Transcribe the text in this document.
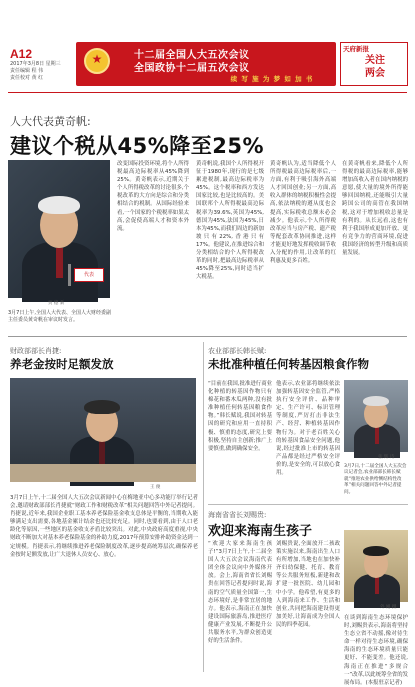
A12
2017年3月8日 星期三
责任编辑 程 伟
责任校对 黄 红
★	十二届全国人大五次会议
全国政协十二届五次会议
续 写 施 为 梦 如 加 书
天府新报
关注
两会
人大代表黄奇帆:
建议个税从45%降至25%
代表
贾 德 新
3月7日上午,全国人大代表、全国人大财经委副主任委员黄奇帆在审议时发言。
改变国际投资环境,将个人所得税最高边际税率从45%降到25%。黄奇帆表示,近期关于个人所得税改革的讨论很多,个税改革的大方向是综合和分类相结合的税制。从国际经验来看,一个国家的个税税率如果太高,会促使高端人才和资本外流。
黄奇帆说,我国个人所得税开征于1980年,现行的是七级累进税制,最高边际税率为45%。这个税率和西方发达国家比较,也是比较高的。美国联邦个人所得税最高边际税率为39.6%,英国为45%,德国为45%,法国为45%,日本为45%,而我们周边的新加坡只有22%,香港只有17%。他建议,在推进综合和分类相结合的个人所得税改革的同时,把最高边际税率从45%降至25%,同时适当扩大税基。
黄奇帆认为,适当降低个人所得税最高边际税率后,一方面,有利于吸引海外高端人才回国创业;另一方面,高收入群体的纳税积极性会提高,依法纳税的遵从度也会提高,实际税收总额未必会减少。他表示,个人所得税改革应当与房产税、遗产税等配套改革协同推进,这样才能更好地发挥税收调节收入分配的作用,让改革的红利惠及更多百姓。
在黄奇帆看来,降低个人所得税的最高边际税率,能够增加高收入者在国内纳税的意愿,使大量的境外所得能够回国纳税,还能吸引大量跨国公司的高管在我国纳税,这对于增加税收总量是有利的。从长远看,这也有利于我国形成更加开放、更有竞争力的营商环境,促进我国经济的转型升级和高质量发展。
财政部部长肖捷:
养老金按时足额发放
王 俊
3月7日上午,十二届全国人大五次会议新闻中心在梅地亚中心多功能厅举行记者会,邀请财政部部长肖捷就“财政工作和财税改革”相关问题回答中外记者提问。肖捷说,近年来,我国企业职工基本养老保险基金收支总体是平衡的,当期收入能够满足支出需要,各地基金累计结余也还比较充足。同时,也要看到,由于人口老龄化等原因,一些地区的基金收支矛盾比较突出。对此,中央政府高度重视,中央财政不断加大对基本养老保险基金的补助力度,2017年预算安排补助资金达到一定规模。肖捷表示,将继续推进养老保险制度改革,逐步提高统筹层次,确保养老金按时足额发放,让广大退休人员安心、放心。
农业部部长韩长赋:
未批准种植任何转基因粮食作物
“目前在我国,批准进行商业化种植的转基因作物只有棉花和番木瓜两种,没有批准种植任何转基因粮食作物。”韩长赋说,我国对转基因的研究和应用一直持积极、慎重的态度,研究上要积极,坚持自主创新;推广上要慎重,做到确保安全。
他表示,农业部将继续依法加强转基因安全监管,严格执行安全评价、品种审定、生产许可、标识管理等制度,严厉打击非法生产、经营、种植转基因作物行为。对于老百姓关心的转基因食品安全问题,他说,经过批准上市的转基因产品都是经过严格安全评价的,是安全的,可以放心食用。
张 辉 诗
3月7日,十二届全国人大五次会议记者会,农业部部长韩长赋就“推进农业供给侧结构性改革”相关问题回答中外记者提问。
海南省省长刘赐贵:
欢迎来海南生孩子
“欢迎大家来海南生孩子!”3月7日上午,十二届全国人大五次会议海南代表团全体会议向中外媒体开放。会上,海南省省长刘赐贵在回答记者提问时说,海南的空气质量全国第一,生态环境好,是非常宜居的地方。他表示,海南正在加快建设国际旅游岛,推进医疗健康产业发展,不断提升公共服务水平,为群众创造更好的生活条件。
刘赐贵说,全面放开二孩政策实施以来,海南出生人口有所增加,当地也在加快补齐妇幼保健、托育、教育等公共服务短板,新建和改扩建一批医院、幼儿园和中小学。他希望,有更多的人到海南来工作、生活和创业,共同把海南建设得更加美好,让海南成为全国人民的四季花园。
外 刚 摄
在谈到海南生态环境保护时,刘赐贵表示,海南将坚持生态立省不动摇,像对待生命一样对待生态环境,确保海南的生态环境质量只能更好、不能变差。他还说,海南正在推进“多规合一”改革,以此统筹全省的发展布局。(本报驻京记者)
